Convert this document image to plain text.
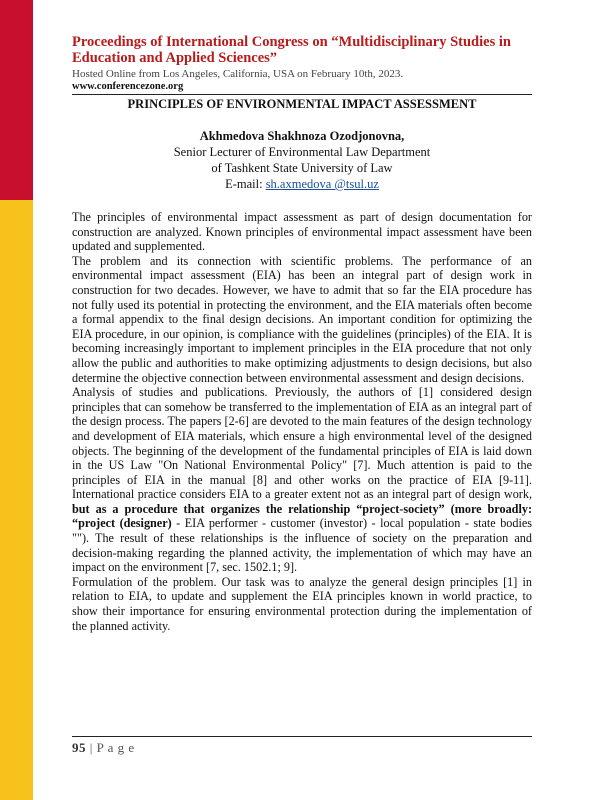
Proceedings of International Congress on “Multidisciplinary Studies in Education and Applied Sciences”
Hosted Online from Los Angeles, California, USA on February 10th, 2023.
www.conferencezone.org
PRINCIPLES OF ENVIRONMENTAL IMPACT ASSESSMENT
Akhmedova Shakhnoza Ozodjonovna,
Senior Lecturer of Environmental Law Department
of Tashkent State University of Law
E-mail: sh.axmedova @tsul.uz

The principles of environmental impact assessment as part of design documentation for construction are analyzed. Known principles of environmental impact assessment have been updated and supplemented.

The problem and its connection with scientific problems. The performance of an environmental impact assessment (EIA) has been an integral part of design work in construction for two decades. However, we have to admit that so far the EIA procedure has not fully used its potential in protecting the environment, and the EIA materials often become a formal appendix to the final design decisions. An important condition for optimizing the EIA procedure, in our opinion, is compliance with the guidelines (principles) of the EIA. It is becoming increasingly important to implement principles in the EIA procedure that not only allow the public and authorities to make optimizing adjustments to design decisions, but also determine the objective connection between environmental assessment and design decisions.

Analysis of studies and publications. Previously, the authors of [1] considered design principles that can somehow be transferred to the implementation of EIA as an integral part of the design process. The papers [2-6] are devoted to the main features of the design technology and development of EIA materials, which ensure a high environmental level of the designed objects. The beginning of the development of the fundamental principles of EIA is laid down in the US Law "On National Environmental Policy" [7]. Much attention is paid to the principles of EIA in the manual [8] and other works on the practice of EIA [9-11]. International practice considers EIA to a greater extent not as an integral part of design work, but as a procedure that organizes the relationship “project-society” (more broadly: “project (designer) - EIA performer - customer (investor) - local population - state bodies ""). The result of these relationships is the influence of society on the preparation and decision-making regarding the planned activity, the implementation of which may have an impact on the environment [7, sec. 1502.1; 9].

Formulation of the problem. Our task was to analyze the general design principles [1] in relation to EIA, to update and supplement the EIA principles known in world practice, to show their importance for ensuring environmental protection during the implementation of the planned activity.

95 | P a g e
